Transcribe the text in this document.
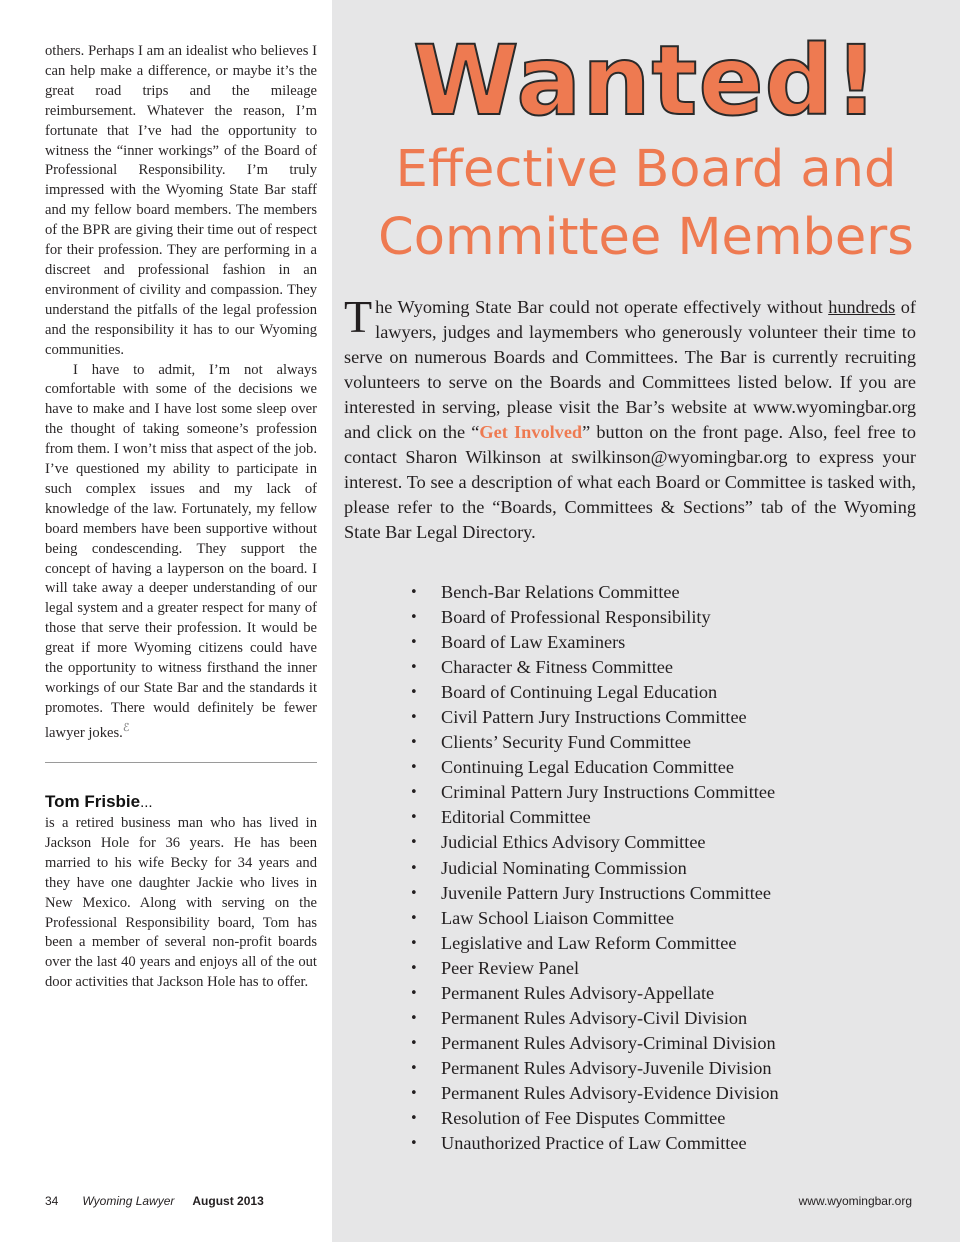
others. Perhaps I am an idealist who believes I can help make a difference, or maybe it’s the great road trips and the mileage reimbursement. Whatever the reason, I’m fortunate that I’ve had the opportunity to witness the “inner workings” of the Board of Professional Responsibility. I’m truly impressed with the Wyoming State Bar staff and my fellow board members. The members of the BPR are giving their time out of respect for their profession. They are performing in a discreet and professional fashion in an environment of civility and compassion. They understand the pitfalls of the legal profession and the responsibility it has to our Wyoming communities.

I have to admit, I’m not always comfortable with some of the decisions we have to make and I have lost some sleep over the thought of taking someone’s profession from them. I won’t miss that aspect of the job. I’ve questioned my ability to participate in such complex issues and my lack of knowledge of the law. Fortunately, my fellow board members have been supportive without being condescending. They support the concept of having a layperson on the board. I will take away a deeper understanding of our legal system and a greater respect for many of those that serve their profession. It would be great if more Wyoming citizens could have the opportunity to witness firsthand the inner workings of our State Bar and the standards it promotes. There would definitely be fewer lawyer jokes.$^ℰ$

Tom Frisbie...

is a retired business man who has lived in Jackson Hole for 36 years. He has been married to his wife Becky for 34 years and they have one daughter Jackie who lives in New Mexico. Along with serving on the Professional Responsibility board, Tom has been a member of several non-profit boards over the last 40 years and enjoys all of the out door activities that Jackson Hole has to offer.

Wanted!
Effective Board and
Committee Members

The Wyoming State Bar could not operate effectively without hundreds of lawyers, judges and laymembers who generously volunteer their time to serve on numerous Boards and Committees. The Bar is currently recruiting volunteers to serve on the Boards and Committees listed below. If you are interested in serving, please visit the Bar’s website at www.wyomingbar.org and click on the “Get Involved” button on the front page. Also, feel free to contact Sharon Wilkinson at swilkinson@wyomingbar.org to express your interest. To see a description of what each Board or Committee is tasked with, please refer to the “Boards, Committees & Sections” tab of the Wyoming State Bar Legal Directory.

• Bench-Bar Relations Committee
• Board of Professional Responsibility
• Board of Law Examiners
• Character & Fitness Committee
• Board of Continuing Legal Education
• Civil Pattern Jury Instructions Committee
• Clients’ Security Fund Committee
• Continuing Legal Education Committee
• Criminal Pattern Jury Instructions Committee
• Editorial Committee
• Judicial Ethics Advisory Committee
• Judicial Nominating Commission
• Juvenile Pattern Jury Instructions Committee
• Law School Liaison Committee
• Legislative and Law Reform Committee
• Peer Review Panel
• Permanent Rules Advisory-Appellate
• Permanent Rules Advisory-Civil Division
• Permanent Rules Advisory-Criminal Division
• Permanent Rules Advisory-Juvenile Division
• Permanent Rules Advisory-Evidence Division
• Resolution of Fee Disputes Committee
• Unauthorized Practice of Law Committee
34 Wyoming Lawyer August 2013	www.wyomingbar.org
